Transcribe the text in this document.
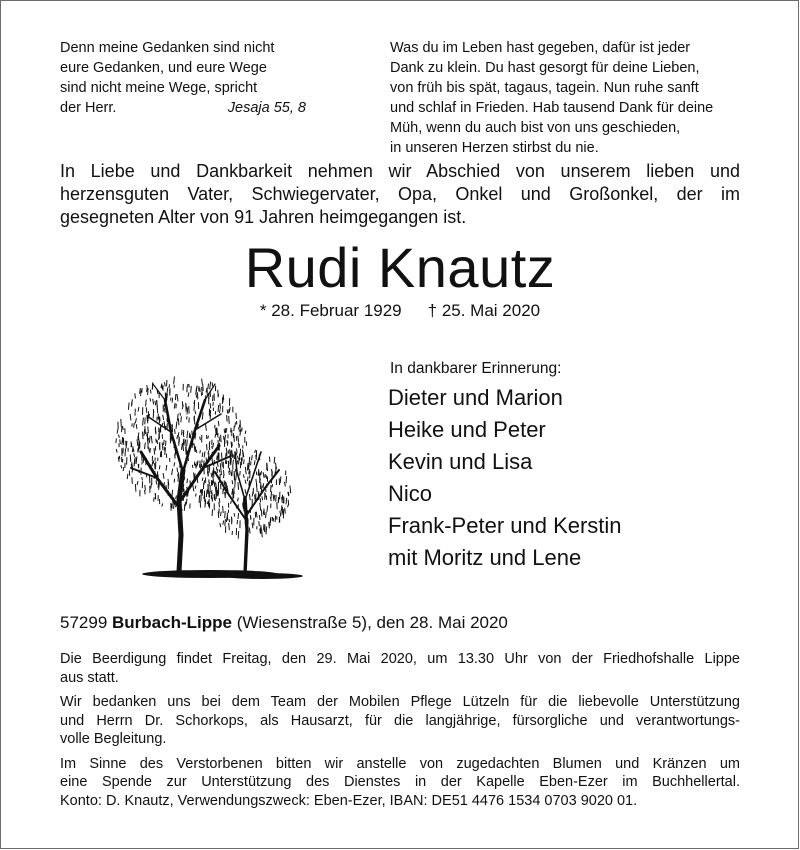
Denn meine Gedanken sind nicht
eure Gedanken, und eure Wege
sind nicht meine Wege, spricht
der Herr.	Jesaja 55, 8
Was du im Leben hast gegeben, dafür ist jeder
Dank zu klein. Du hast gesorgt für deine Lieben,
von früh bis spät, tagaus, tagein. Nun ruhe sanft
und schlaf in Frieden. Hab tausend Dank für deine
Müh, wenn du auch bist von uns geschieden,
in unseren Herzen stirbst du nie.
In Liebe und Dankbarkeit nehmen wir Abschied von unserem lieben und
herzensguten Vater, Schwiegervater, Opa, Onkel und Großonkel, der im
gesegneten Alter von 91 Jahren heimgegangen ist.
Rudi Knautz
* 28. Februar 1929 † 25. Mai 2020
In dankbarer Erinnerung:
Dieter und Marion
Heike und Peter
Kevin und Lisa
Nico
Frank-Peter und Kerstin
mit Moritz und Lene
57299 Burbach-Lippe (Wiesenstraße 5), den 28. Mai 2020

Die Beerdigung findet Freitag, den 29. Mai 2020, um 13.30 Uhr von der Friedhofshalle Lippe
aus statt.

Wir bedanken uns bei dem Team der Mobilen Pflege Lützeln für die liebevolle Unterstützung
und Herrn Dr. Schorkops, als Hausarzt, für die langjährige, fürsorgliche und verantwortungs-
volle Begleitung.

Im Sinne des Verstorbenen bitten wir anstelle von zugedachten Blumen und Kränzen um
eine Spende zur Unterstützung des Dienstes in der Kapelle Eben-Ezer im Buchhellertal.
Konto: D. Knautz, Verwendungszweck: Eben-Ezer, IBAN: DE51 4476 1534 0703 9020 01.
